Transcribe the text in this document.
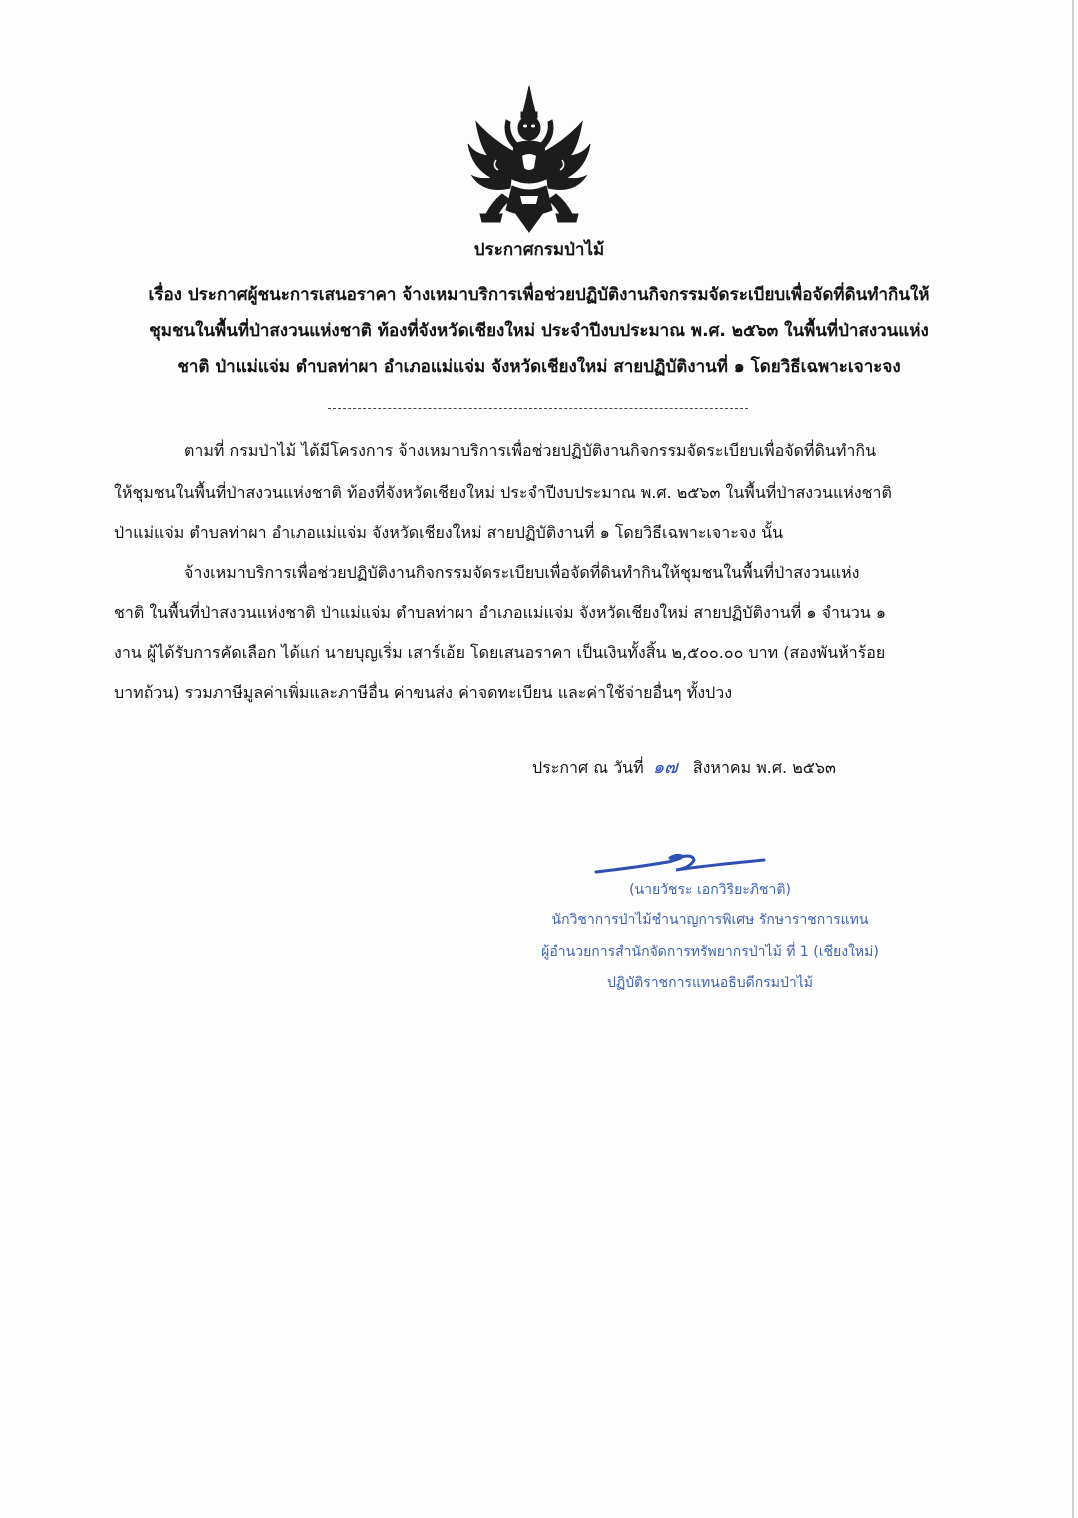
ประกาศกรมป่าไม้
เรื่อง ประกาศผู้ชนะการเสนอราคา จ้างเหมาบริการเพื่อช่วยปฏิบัติงานกิจกรรมจัดระเบียบเพื่อจัดที่ดินทำกินให้
ชุมชนในพื้นที่ป่าสงวนแห่งชาติ ท้องที่จังหวัดเชียงใหม่ ประจำปีงบประมาณ พ.ศ. ๒๕๖๓ ในพื้นที่ป่าสงวนแห่ง
ชาติ ป่าแม่แจ่ม ตำบลท่าผา อำเภอแม่แจ่ม จังหวัดเชียงใหม่ สายปฏิบัติงานที่ ๑ โดยวิธีเฉพาะเจาะจง
ตามที่ กรมป่าไม้ ได้มีโครงการ จ้างเหมาบริการเพื่อช่วยปฏิบัติงานกิจกรรมจัดระเบียบเพื่อจัดที่ดินทำกิน
ให้ชุมชนในพื้นที่ป่าสงวนแห่งชาติ ท้องที่จังหวัดเชียงใหม่ ประจำปีงบประมาณ พ.ศ. ๒๕๖๓ ในพื้นที่ป่าสงวนแห่งชาติ
ป่าแม่แจ่ม ตำบลท่าผา อำเภอแม่แจ่ม จังหวัดเชียงใหม่ สายปฏิบัติงานที่ ๑ โดยวิธีเฉพาะเจาะจง นั้น
จ้างเหมาบริการเพื่อช่วยปฏิบัติงานกิจกรรมจัดระเบียบเพื่อจัดที่ดินทำกินให้ชุมชนในพื้นที่ป่าสงวนแห่ง
ชาติ ในพื้นที่ป่าสงวนแห่งชาติ ป่าแม่แจ่ม ตำบลท่าผา อำเภอแม่แจ่ม จังหวัดเชียงใหม่ สายปฏิบัติงานที่ ๑ จำนวน ๑
งาน ผู้ได้รับการคัดเลือก ได้แก่ นายบุญเริ่ม เสาร์เอ้ย โดยเสนอราคา เป็นเงินทั้งสิ้น ๒,๕๐๐.๐๐ บาท (สองพันห้าร้อย
บาทถ้วน) รวมภาษีมูลค่าเพิ่มและภาษีอื่น ค่าขนส่ง ค่าจดทะเบียน และค่าใช้จ่ายอื่นๆ ทั้งปวง
ประกาศ ณ วันที่ ๑๗ สิงหาคม พ.ศ. ๒๕๖๓
(นายวัชระ เอกวิริยะภิชาติ)
นักวิชาการป่าไม้ชำนาญการพิเศษ รักษาราชการแทน
ผู้อำนวยการสำนักจัดการทรัพยากรป่าไม้ ที่ 1 (เชียงใหม่)
ปฏิบัติราชการแทนอธิบดีกรมป่าไม้
